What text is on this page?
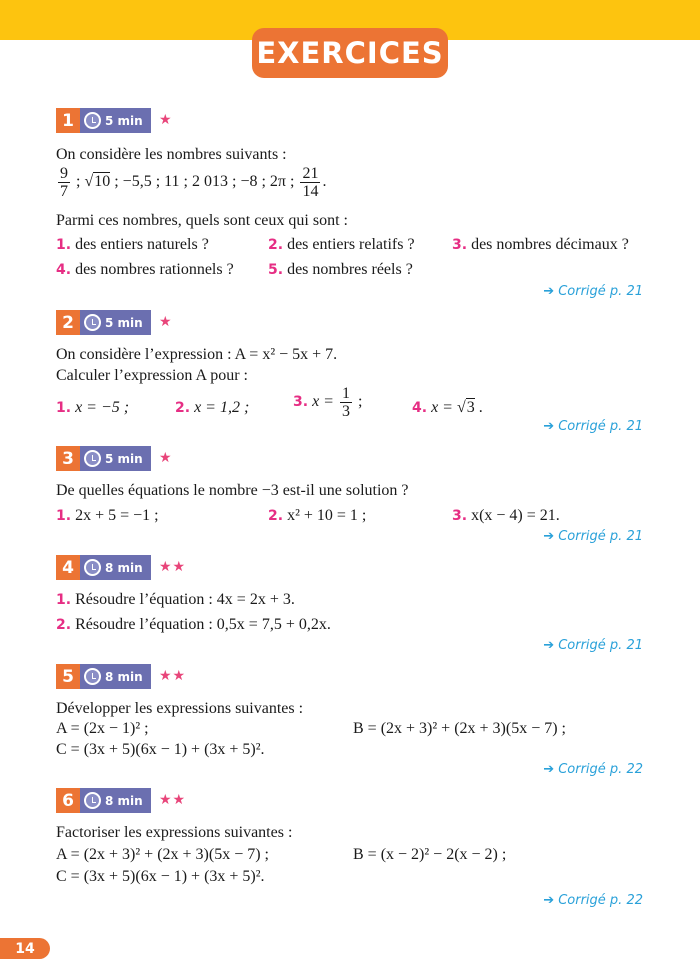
EXERCICES
1	5 min ★
On considère les nombres suivants :
$\frac{9}{7}$ ; √10 ; −5,5 ; 11 ; 2 013 ; −8 ; 2π ; $\frac{21}{14}$ .
Parmi ces nombres, quels sont ceux qui sont :
1. des entiers naturels ?	2. des entiers relatifs ?	3. des nombres décimaux ?
4. des nombres rationnels ? 5. des nombres réels ?
➔ Corrigé p. 21
2	5 min ★
On considère l’expression : A = x² − 5x + 7.
Calculer l’expression A pour :
1. x = −5 ;	2. x = 1,2 ;	3. $x = \frac{1}{3}$ ;	4. x = √3 .
➔ Corrigé p. 21
3	5 min ★
De quelles équations le nombre −3 est-il une solution ?
1. 2x + 5 = −1 ;	2. x² + 10 = 1 ;	3. x(x − 4) = 21.
➔ Corrigé p. 21
4	8 min ★★
1. Résoudre l’équation : 4x = 2x + 3.
2. Résoudre l’équation : 0,5x = 7,5 + 0,2x.
➔ Corrigé p. 21
5	8 min ★★
Développer les expressions suivantes :
A = (2x − 1)² ;	B = (2x + 3)² + (2x + 3)(5x − 7) ;
C = (3x + 5)(6x − 1) + (3x + 5)².
➔ Corrigé p. 22
6	8 min ★★
Factoriser les expressions suivantes :
A = (2x + 3)² + (2x + 3)(5x − 7) ;	B = (x − 2)² − 2(x − 2) ;
C = (3x + 5)(6x − 1) + (3x + 5)².
➔ Corrigé p. 22
14
